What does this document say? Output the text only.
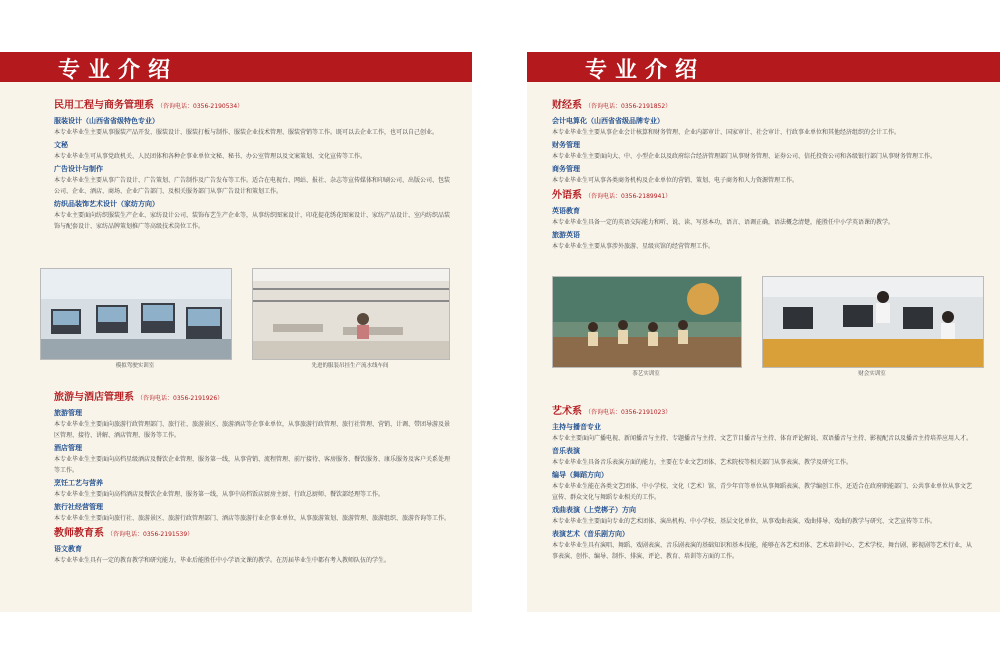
专业介绍
民用工程与商务管理系 （咨询电话：0356-2190534）
服装设计（山西省省级特色专业）
本专业毕业生主要从事服装产品开发、服装设计、服装打板与制作、服装企业技术管理、服装营销等工作。既可以去企业工作，也可以自己创业。
文秘
本专业毕业生可从事党政机关、人民团体和各种企事业单位文秘、秘书、办公室管理以及文案策划、文化宣传等工作。
广告设计与制作
本专业毕业生主要从事广告设计、广告策划、广告制作及广告发布等工作。适合在电视台、网站、报社、杂志等宣传媒体和印刷公司、出版公司、包装公司、企业、酒店、商场、企业广告部门、及相关服务部门从事广告设计和策划工作。
纺织品装饰艺术设计（家纺方向）
本专业主要面向纺织服装生产企业、家纺设计公司、装饰布艺生产企业等，从事纺织图案设计、印花提花绣花图案设计、家纺产品设计、室内纺织品装饰与配套设计、家纺品牌策划推广等高级技术岗位工作。
模拟驾驶实训室	先进的服装吊挂生产流水线车间
旅游与酒店管理系 （咨询电话：0356-2191926）
旅游管理
本专业毕业生主要面向旅游行政管理部门、旅行社、旅游景区、旅游酒店等企事业单位，从事旅游行政管理、旅行社管理、营销、计调、带团导游及景区管理、接待、讲解、酒店管理、服务等工作。
酒店管理
本专业毕业生主要面向高档星级酒店及餐饮企业管理、服务第一线，从事营销、流程管理、前厅接待、客房服务、餐饮服务、康乐服务及客户关系处理等工作。
烹饪工艺与营养
本专业毕业生主要面向高档酒店及餐饮企业管理、服务第一线，从事中高档饭店厨房主厨、行政总厨师、餐饮部经理等工作。
旅行社经营管理
本专业毕业生主要面向旅行社、旅游景区、旅游行政管理部门、酒店等旅游行业企事业单位，从事旅游策划、旅游管理、旅游组织、旅游咨询等工作。
教师教育系 （咨询电话：0356-2191539）
语文教育
本专业毕业生具有一定的教育教学和研究能力，毕业后能胜任中小学语文课的教学。在历届毕业生中都有考入教师队伍的学生。
专业介绍
财经系 （咨询电话：0356-2191852）
会计电算化（山西省省级品牌专业）
本专业毕业生主要从事企业会计核算和财务管理、企业内部审计、国家审计、社会审计、行政事业单位和其他经济组织的会计工作。
财务管理
本专业毕业生主要面向大、中、小型企业以及政府综合经济管理部门从事财务管理、证券公司、信托投资公司和各级银行部门从事财务管理工作。
商务管理
本专业毕业生可从事各类商务机构及企业单位的营销、策划、电子商务和人力资源管理工作。
外语系 （咨询电话：0356-2189941）
英语教育
本专业毕业生具备一定的英语交际能力和听、说、读、写基本功，语言、语调正确，语法概念清楚，能胜任中小学英语课的教学。
旅游英语
本专业毕业生主要从事涉外旅游、星级宾馆的经营管理工作。
茶艺实训室	财会实训室
艺术系 （咨询电话：0356-2191023）
主持与播音专业
本专业主要面向广播电视、新闻播音与主持、专题播音与主持、文艺节目播音与主持、体育评论解说、双语播音与主持、影视配音以及播音主持培养应用人才。
音乐表演
本专业毕业生具备音乐表演方面的能力，主要在专业文艺团体、艺术院校等相关部门从事表演、教学及研究工作。
编导（舞蹈方向）
本专业毕业生能在各类文艺团体、中小学校、文化（艺术）馆、青少年宫等单位从事舞蹈表演、教学编创工作，还适合在政府职能部门、公共事业单位从事文艺宣传、群众文化与舞蹈专业相关的工作。
戏曲表演（上党梆子）方向
本专业毕业生主要面向专业的艺术团体、演出机构、中小学校、基层文化单位，从事戏曲表演、戏曲排导、戏曲的教学与研究、文艺宣传等工作。
表演艺术（音乐剧方向）
本专业毕业生具有演唱、舞蹈、戏剧表演、音乐剧表演的基础知识和基本技能，能够在各艺术团体、艺术培训中心、艺术学校、舞台剧、影视剧等艺术行业，从事表演、创作、编导、制作、排演、评论、教育、培训等方面的工作。
